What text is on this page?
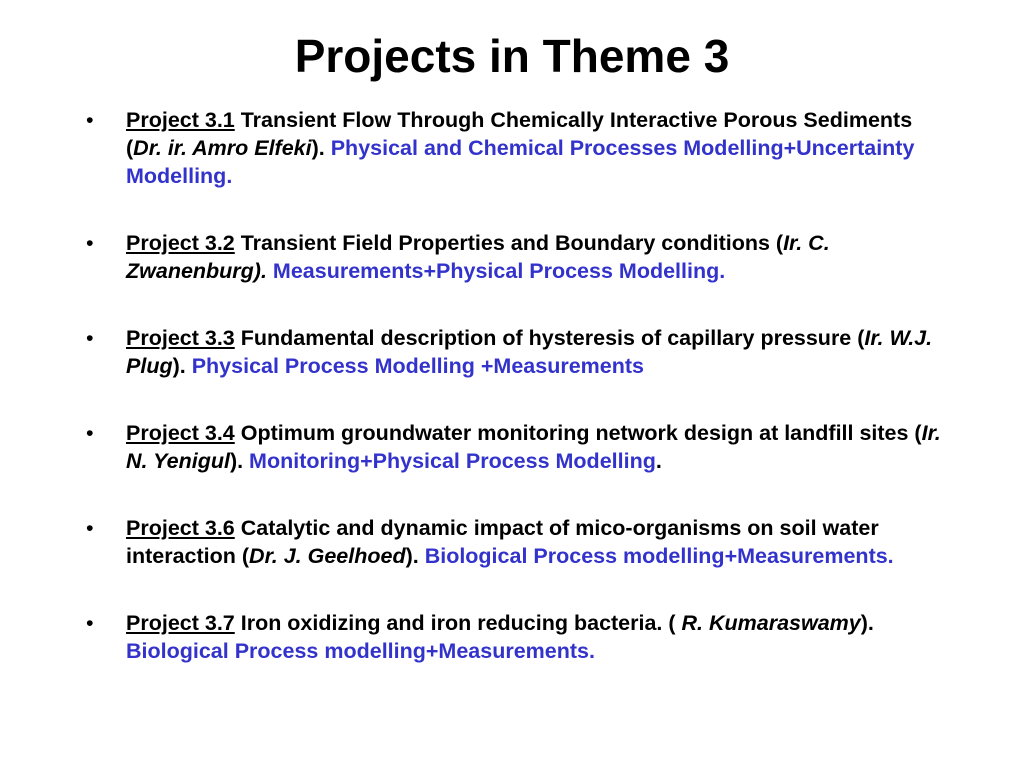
Projects in Theme 3
• Project 3.1 Transient Flow Through Chemically Interactive Porous Sediments (Dr. ir. Amro Elfeki). Physical and Chemical Processes Modelling+Uncertainty Modelling.
• Project 3.2 Transient Field Properties and Boundary conditions (Ir. C. Zwanenburg). Measurements+Physical Process Modelling.
• Project 3.3 Fundamental description of hysteresis of capillary pressure (Ir. W.J. Plug). Physical Process Modelling +Measurements
• Project 3.4 Optimum groundwater monitoring network design at landfill sites (Ir. N. Yenigul). Monitoring+Physical Process Modelling.
• Project 3.6 Catalytic and dynamic impact of mico-organisms on soil water interaction (Dr. J. Geelhoed). Biological Process modelling+Measurements.
• Project 3.7 Iron oxidizing and iron reducing bacteria. ( R. Kumaraswamy). Biological Process modelling+Measurements.
